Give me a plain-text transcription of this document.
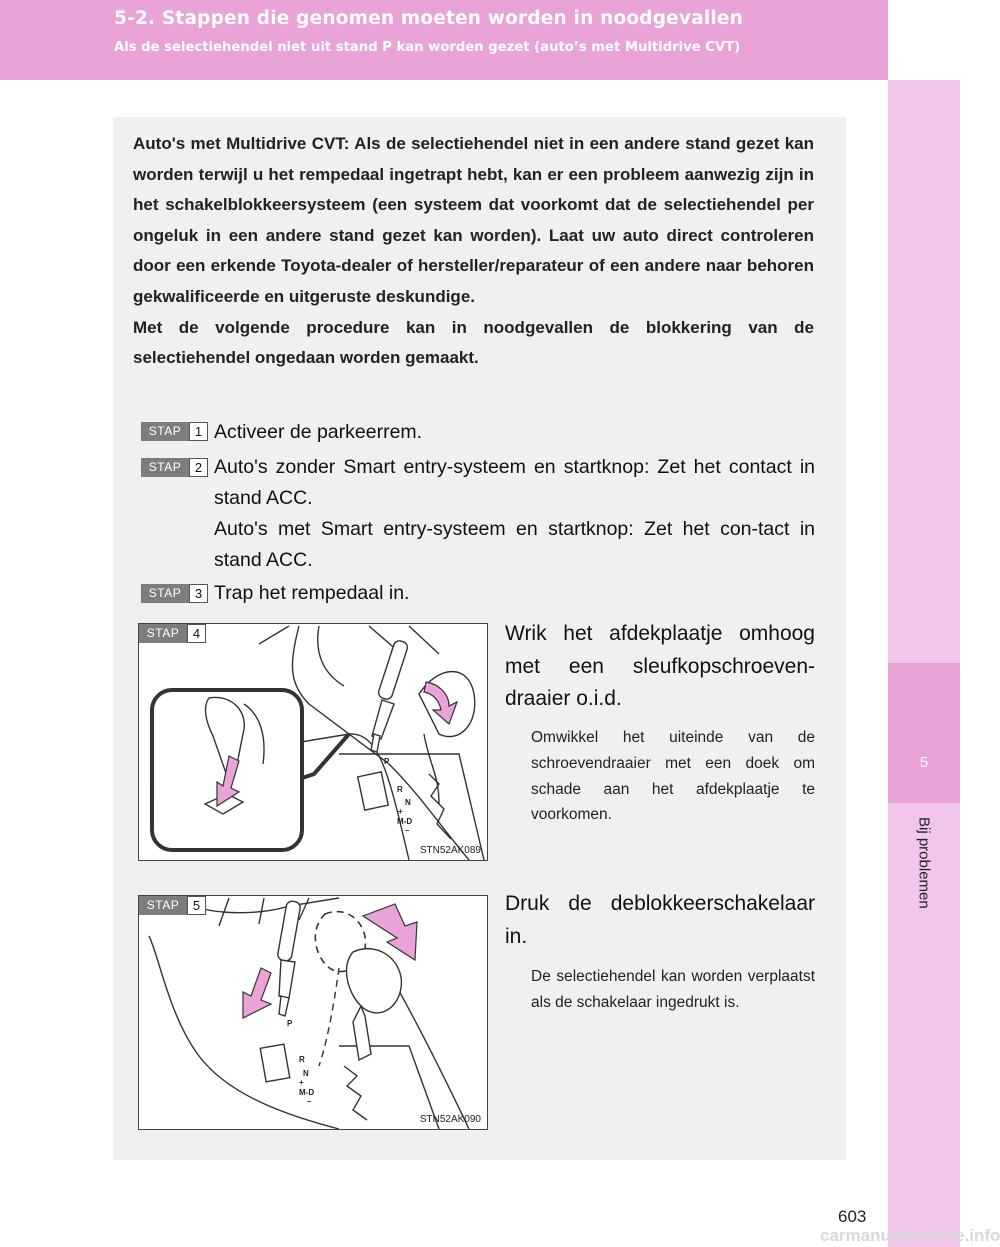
5-2. Stappen die genomen moeten worden in noodgevallen
Als de selectiehendel niet uit stand P kan worden gezet (auto’s met Multidrive CVT)
5
Bij problemen

Auto's met Multidrive CVT: Als de selectiehendel niet in een andere stand gezet kan worden terwijl u het rempedaal ingetrapt hebt, kan er een probleem aanwezig zijn in het schakelblokkeersysteem (een systeem dat voorkomt dat de selectiehendel per ongeluk in een andere stand gezet kan worden). Laat uw auto direct controleren door een erkende Toyota-dealer of hersteller/reparateur of een andere naar behoren gekwalificeerde en uitgeruste deskundige.

Met de volgende procedure kan in noodgevallen de blokkering van de selectiehendel ongedaan worden gemaakt.

STAP	1 Activeer de parkeerrem.

STAP	2 Auto's zonder Smart entry-systeem en startknop: Zet het contact in stand ACC.

Auto's met Smart entry-systeem en startknop: Zet het con-tact in stand ACC.

STAP	3 Trap het rempedaal in.

P
R
N
+
M-D
–
STAP	4
STN52AK089
Wrik het afdekplaatje omhoog met een sleufkopschroeven-draaier o.i.d.
Omwikkel het uiteinde van de schroevendraaier met een doek om schade aan het afdekplaatje te voorkomen.
P
R
N
+
M-D
–
STAP	5
STN52AK090
Druk de deblokkeerschakelaar in.
De selectiehendel kan worden verplaatst als de schakelaar ingedrukt is.
603
carmanualsonline.info
